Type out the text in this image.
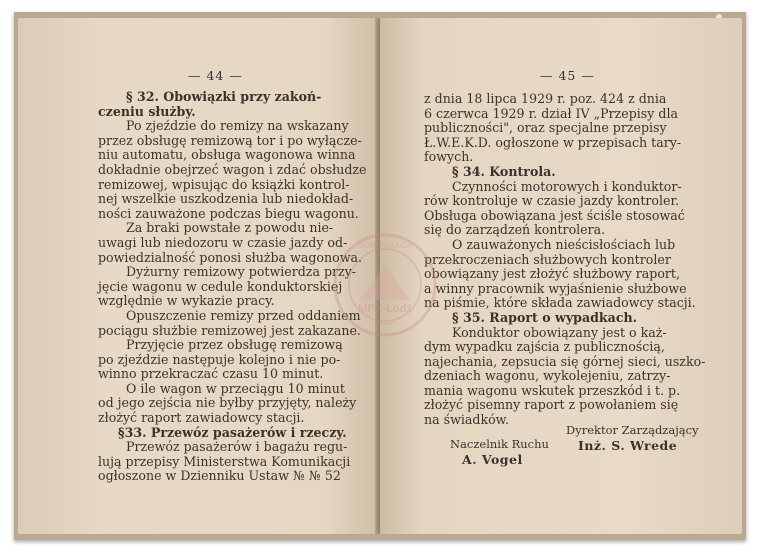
— 44 —
§ 32. Obowiązki przy zakoń-
czeniu służby.
Po zjeździe do remizy na wskazany
przez obsługę remizową tor i po wyłącze-
niu automatu, obsługa wagonowa winna
dokładnie obejrzeć wagon i zdać obsłudze
remizowej, wpisując do książki kontrol-
nej wszelkie uszkodzenia lub niedokład-
ności zauważone podczas biegu wagonu.
Za braki powstałe z powodu nie-
uwagi lub niedozoru w czasie jazdy od-
powiedzialność ponosi służba wagonowa.
Dyżurny remizowy potwierdza przy-
jęcie wagonu w cedule konduktorskiej
względnie w wykazie pracy.
Opuszczenie remizy przed oddaniem
pociągu służbie remizowej jest zakazane.
Przyjęcie przez obsługę remizową
po zjeździe następuje kolejno i nie po-
winno przekraczać czasu 10 minut.
O ile wagon w przeciągu 10 minut
od jego zejścia nie byłby przyjęty, należy
złożyć raport zawiadowcy stacji.
§33. Przewóz pasażerów i rzeczy.
Przewóz pasażerów i bagażu regu-
lują przepisy Ministerstwa Komunikacji
ogłoszone w Dzienniku Ustaw № № 52
— 45 —
z dnia 18 lipca 1929 r. poz. 424 z dnia
6 czerwca 1929 r. dział IV „Przepisy dla
publiczności", oraz specjalne przepisy
Ł.W.E.K.D. ogłoszone w przepisach tary-
fowych.
§ 34. Kontrola.
Czynności motorowych i konduktor-
rów kontroluje w czasie jazdy kontroler.
Obsługa obowiązana jest ściśle stosować
się do zarządzeń kontrolera.
O zauważonych nieścisłościach lub
przekroczeniach służbowych kontroler
obowiązany jest złożyć służbowy raport,
a winny pracownik wyjaśnienie służbowe
na piśmie, które składa zawiadowcy stacji.
§ 35. Raport o wypadkach.
Konduktor obowiązany jest o każ-
dym wypadku zajścia z publicznością,
najechania, zepsucia się górnej sieci, uszko-
dzeniach wagonu, wykolejeniu, zatrzy-
mania wagonu wskutek przeszkód i t. p.
złożyć pisemny raport z powołaniem się
na świadków.
Naczelnik Ruchu
A. Vogel
Dyrektor Zarządzający
Inż. S. Wrede
KOMUNIKACJI
MPK-Łódź
KŁUB
